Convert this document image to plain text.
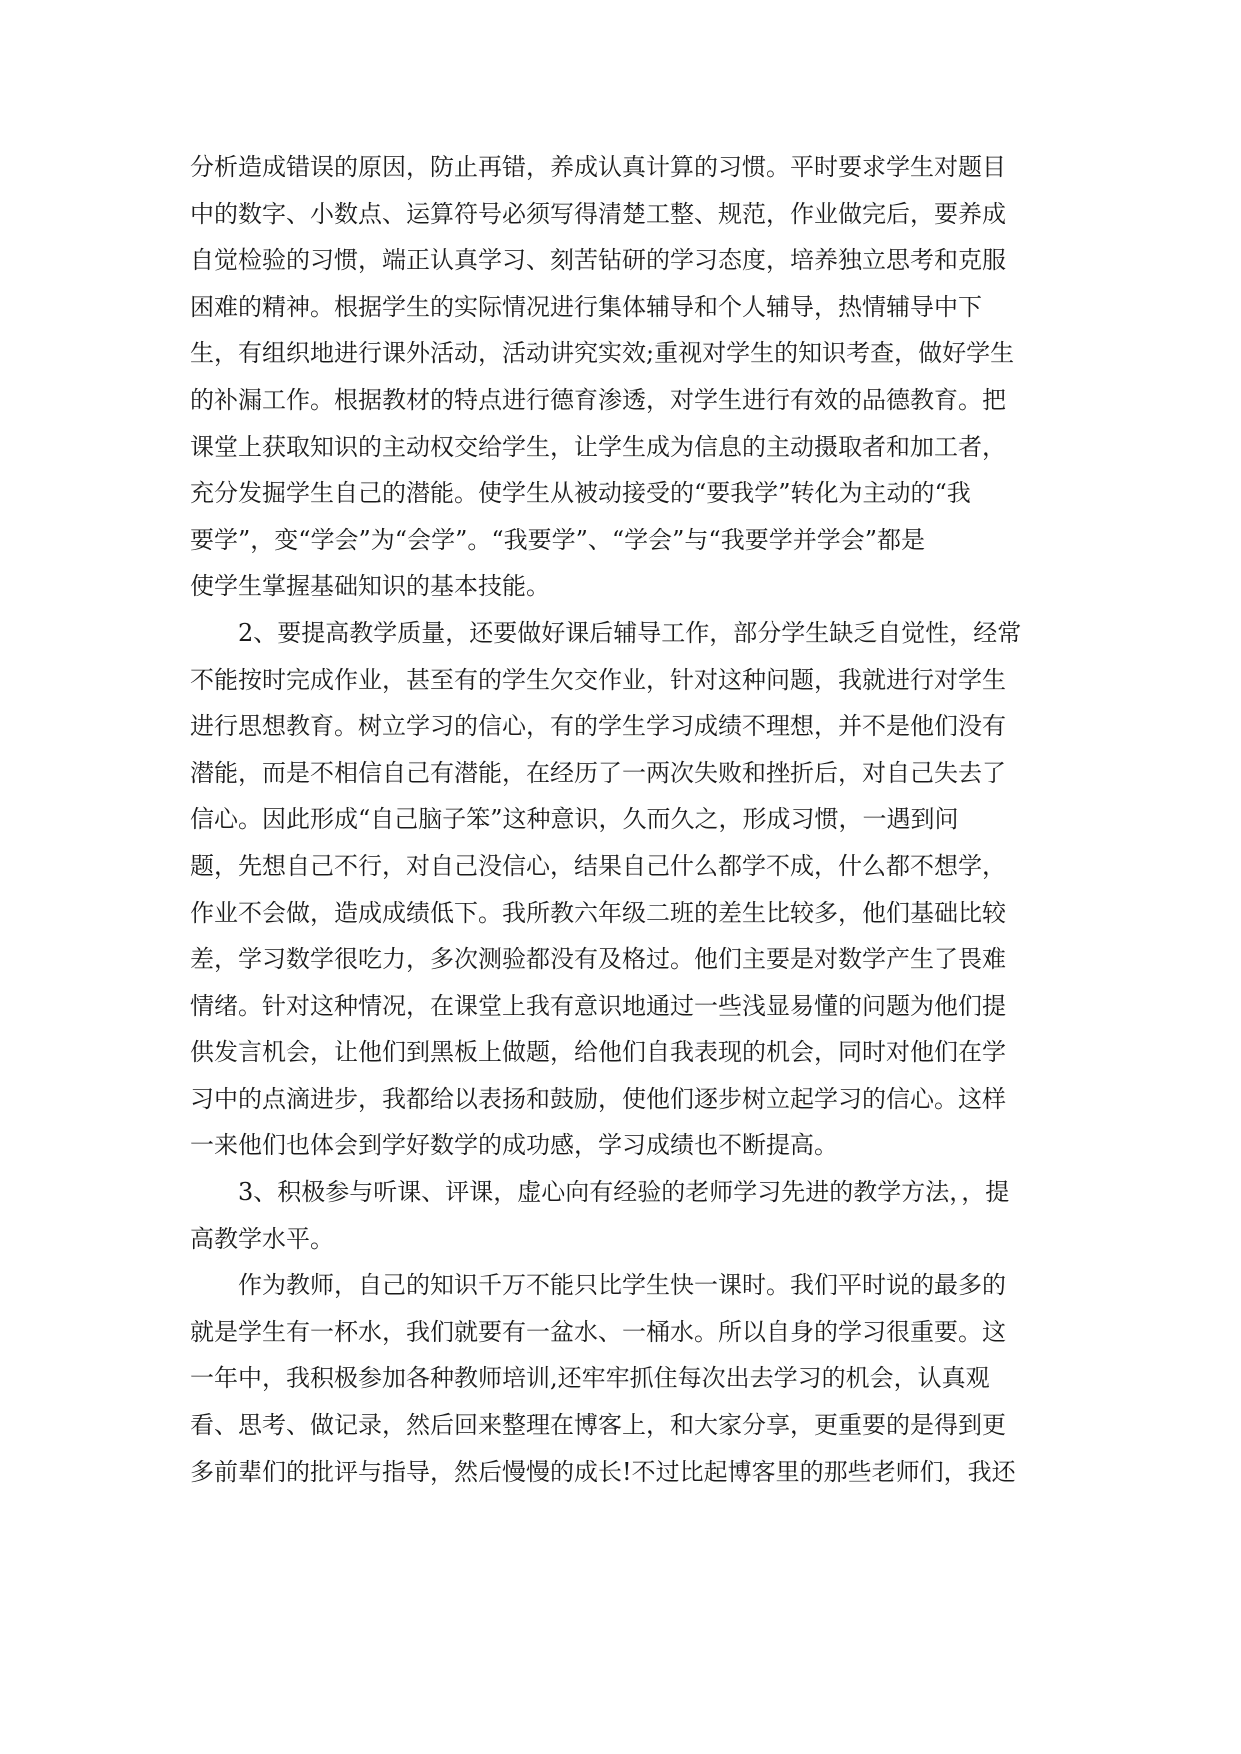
分析造成错误的原因，防止再错，养成认真计算的习惯。平时要求学生对题目
中的数字、小数点、运算符号必须写得清楚工整、规范，作业做完后，要养成
自觉检验的习惯，端正认真学习、刻苦钻研的学习态度，培养独立思考和克服
困难的精神。根据学生的实际情况进行集体辅导和个人辅导，热情辅导中下
生，有组织地进行课外活动，活动讲究实效;重视对学生的知识考查，做好学生
的补漏工作。根据教材的特点进行德育渗透，对学生进行有效的品德教育。把
课堂上获取知识的主动权交给学生，让学生成为信息的主动摄取者和加工者，
充分发掘学生自己的潜能。使学生从被动接受的“要我学”转化为主动的“我
要学”，变“学会”为“会学”。“我要学”、“学会”与“我要学并学会”都是
使学生掌握基础知识的基本技能。
2、要提高教学质量，还要做好课后辅导工作，部分学生缺乏自觉性，经常
不能按时完成作业，甚至有的学生欠交作业，针对这种问题，我就进行对学生
进行思想教育。树立学习的信心，有的学生学习成绩不理想，并不是他们没有
潜能，而是不相信自己有潜能，在经历了一两次失败和挫折后，对自己失去了
信心。因此形成“自己脑子笨”这种意识，久而久之，形成习惯，一遇到问
题，先想自己不行，对自己没信心，结果自己什么都学不成，什么都不想学，
作业不会做，造成成绩低下。我所教六年级二班的差生比较多，他们基础比较
差，学习数学很吃力，多次测验都没有及格过。他们主要是对数学产生了畏难
情绪。针对这种情况，在课堂上我有意识地通过一些浅显易懂的问题为他们提
供发言机会，让他们到黑板上做题，给他们自我表现的机会，同时对他们在学
习中的点滴进步，我都给以表扬和鼓励，使他们逐步树立起学习的信心。这样
一来他们也体会到学好数学的成功感，学习成绩也不断提高。
3、积极参与听课、评课，虚心向有经验的老师学习先进的教学方法，，提
高教学水平。
作为教师，自己的知识千万不能只比学生快一课时。我们平时说的最多的
就是学生有一杯水，我们就要有一盆水、一桶水。所以自身的学习很重要。这
一年中，我积极参加各种教师培训,还牢牢抓住每次出去学习的机会，认真观
看、思考、做记录，然后回来整理在博客上，和大家分享，更重要的是得到更
多前辈们的批评与指导，然后慢慢的成长!不过比起博客里的那些老师们，我还
